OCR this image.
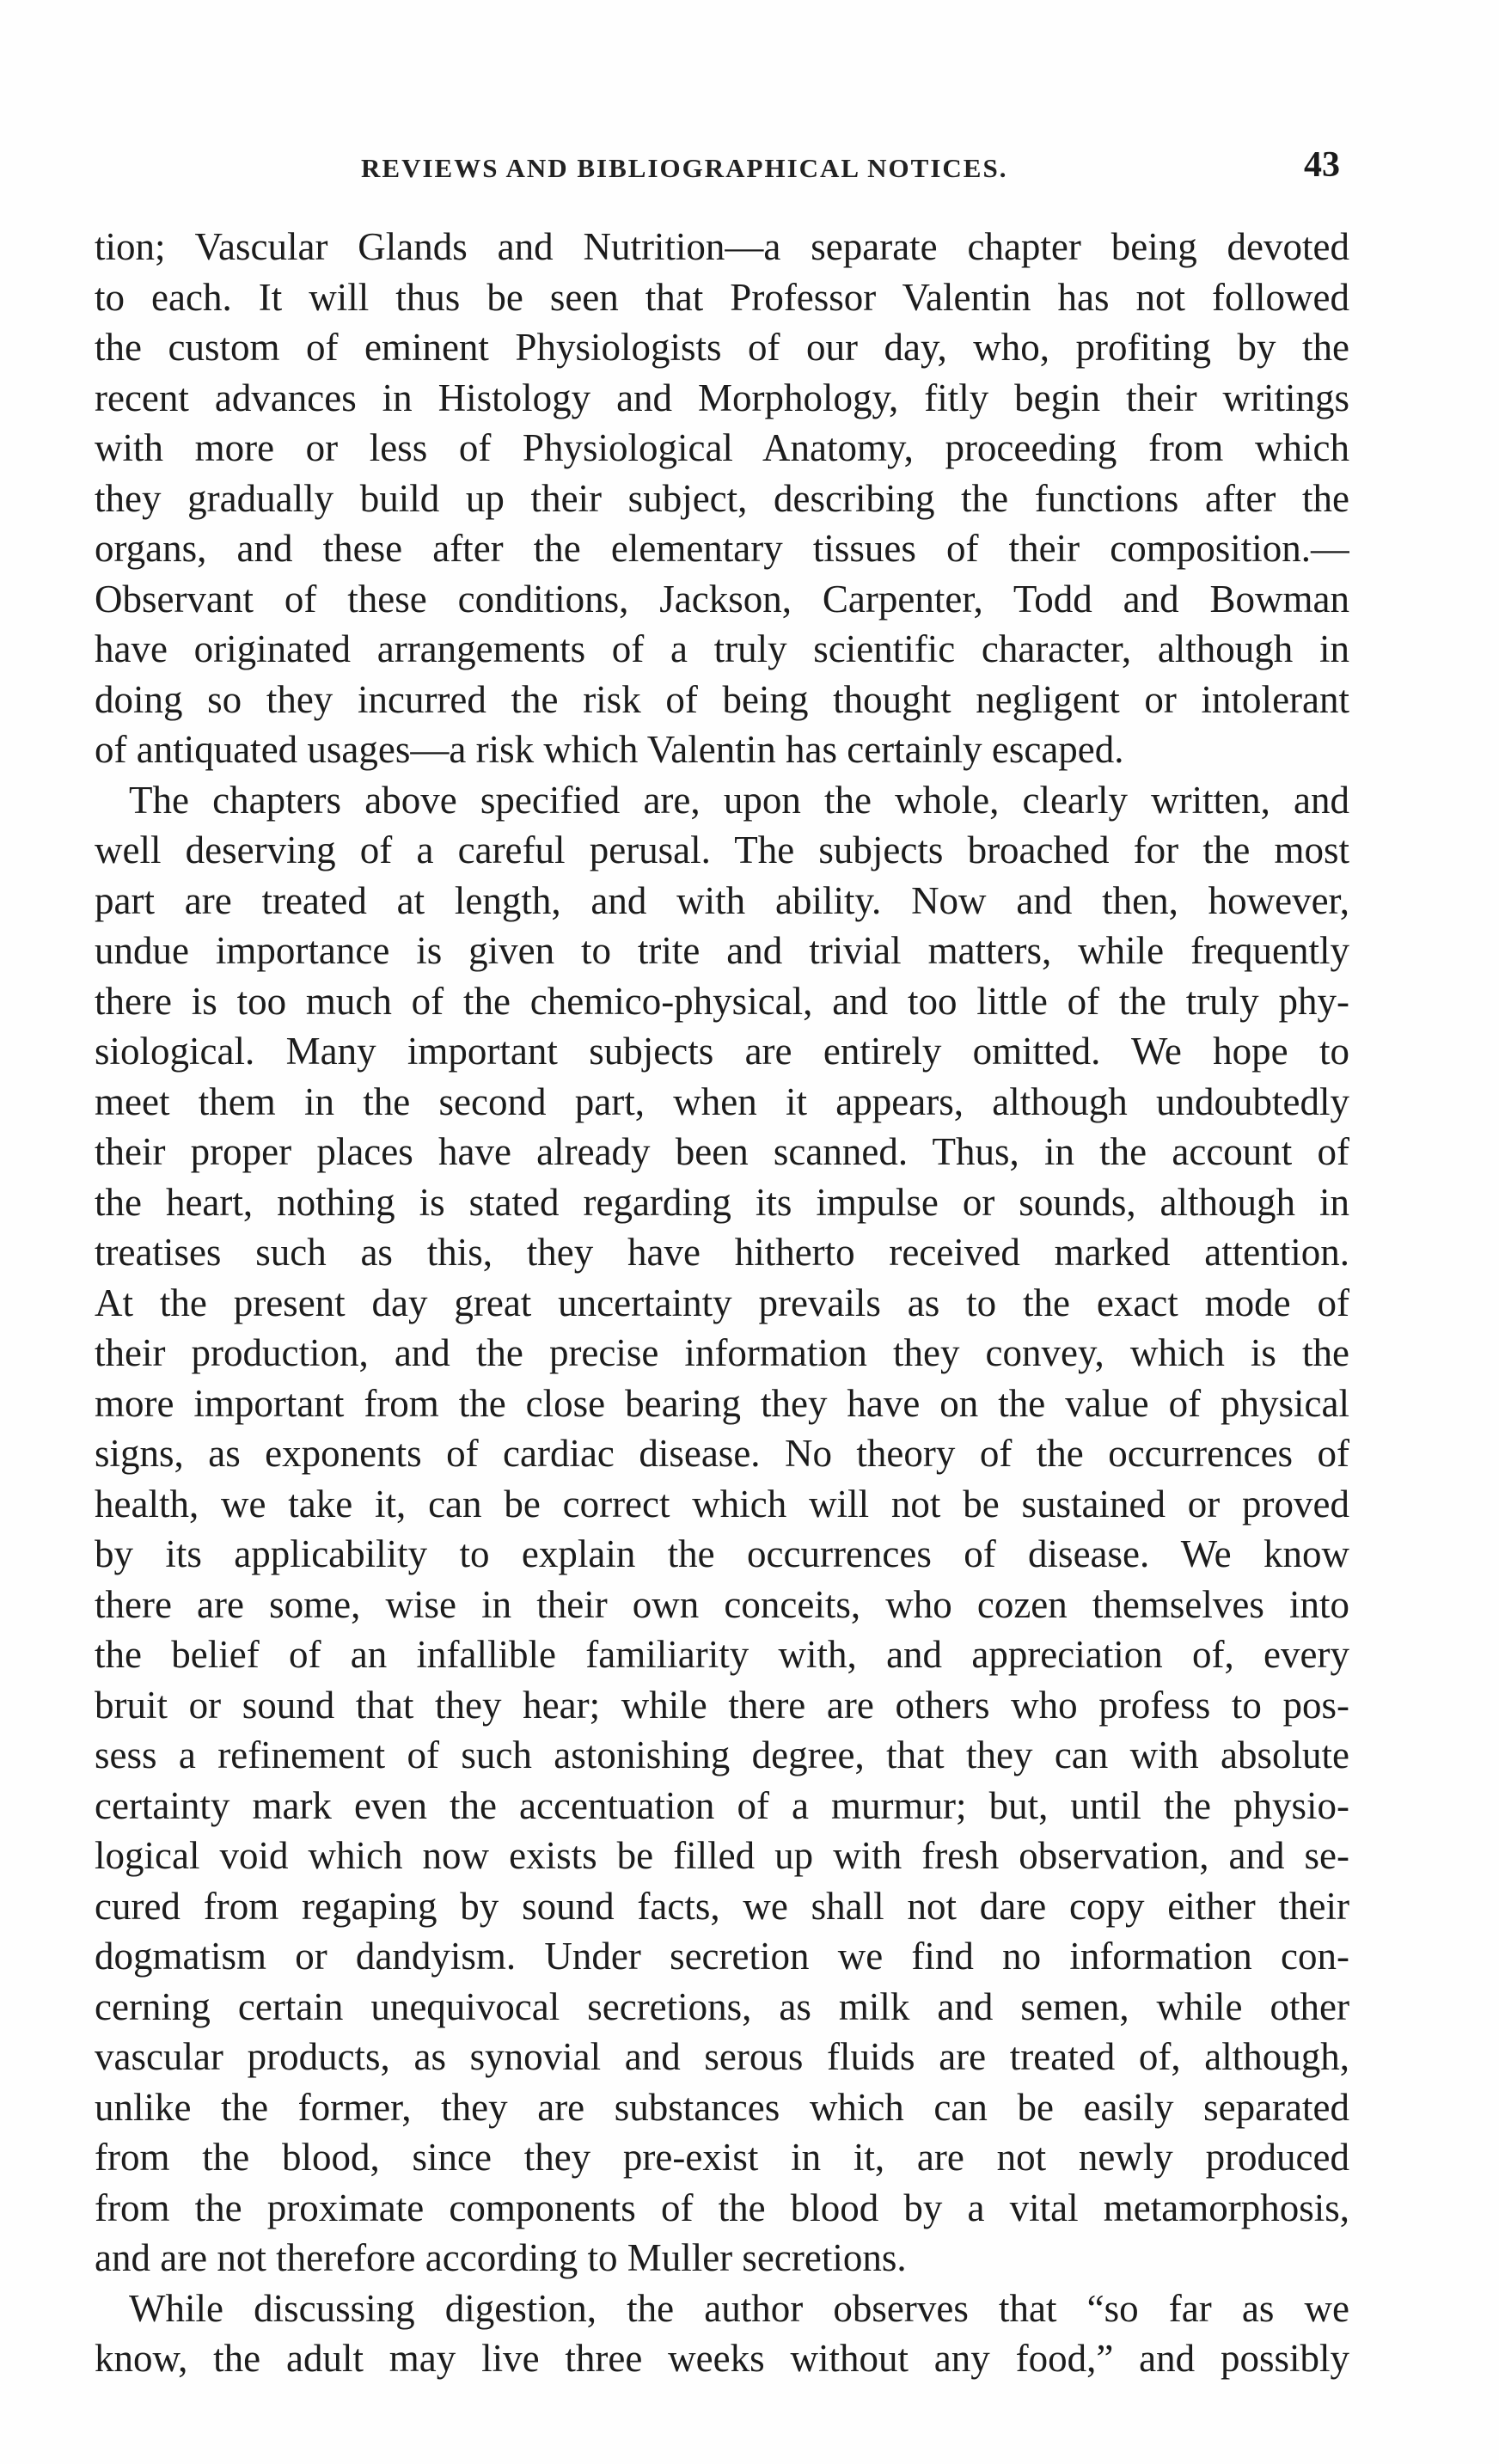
REVIEWS AND BIBLIOGRAPHICAL NOTICES.	43
tion; Vascular Glands and Nutrition—a separate chapter being devoted
to each. It will thus be seen that Professor Valentin has not followed
the custom of eminent Physiologists of our day, who, profiting by the
recent advances in Histology and Morphology, fitly begin their writings
with more or less of Physiological Anatomy, proceeding from which
they gradually build up their subject, describing the functions after the
organs, and these after the elementary tissues of their composition.—
Observant of these conditions, Jackson, Carpenter, Todd and Bowman
have originated arrangements of a truly scientific character, although in
doing so they incurred the risk of being thought negligent or intolerant
of antiquated usages—a risk which Valentin has certainly escaped.
The chapters above specified are, upon the whole, clearly written, and
well deserving of a careful perusal. The subjects broached for the most
part are treated at length, and with ability. Now and then, however,
undue importance is given to trite and trivial matters, while frequently
there is too much of the chemico-physical, and too little of the truly phy-
siological. Many important subjects are entirely omitted. We hope to
meet them in the second part, when it appears, although undoubtedly
their proper places have already been scanned. Thus, in the account of
the heart, nothing is stated regarding its impulse or sounds, although in
treatises such as this, they have hitherto received marked attention.
At the present day great uncertainty prevails as to the exact mode of
their production, and the precise information they convey, which is the
more important from the close bearing they have on the value of physical
signs, as exponents of cardiac disease. No theory of the occurrences of
health, we take it, can be correct which will not be sustained or proved
by its applicability to explain the occurrences of disease. We know
there are some, wise in their own conceits, who cozen themselves into
the belief of an infallible familiarity with, and appreciation of, every
bruit or sound that they hear; while there are others who profess to pos-
sess a refinement of such astonishing degree, that they can with absolute
certainty mark even the accentuation of a murmur; but, until the physio-
logical void which now exists be filled up with fresh observation, and se-
cured from regaping by sound facts, we shall not dare copy either their
dogmatism or dandyism. Under secretion we find no information con-
cerning certain unequivocal secretions, as milk and semen, while other
vascular products, as synovial and serous fluids are treated of, although,
unlike the former, they are substances which can be easily separated
from the blood, since they pre-exist in it, are not newly produced
from the proximate components of the blood by a vital metamorphosis,
and are not therefore according to Muller secretions.
While discussing digestion, the author observes that “so far as we
know, the adult may live three weeks without any food,” and possibly
